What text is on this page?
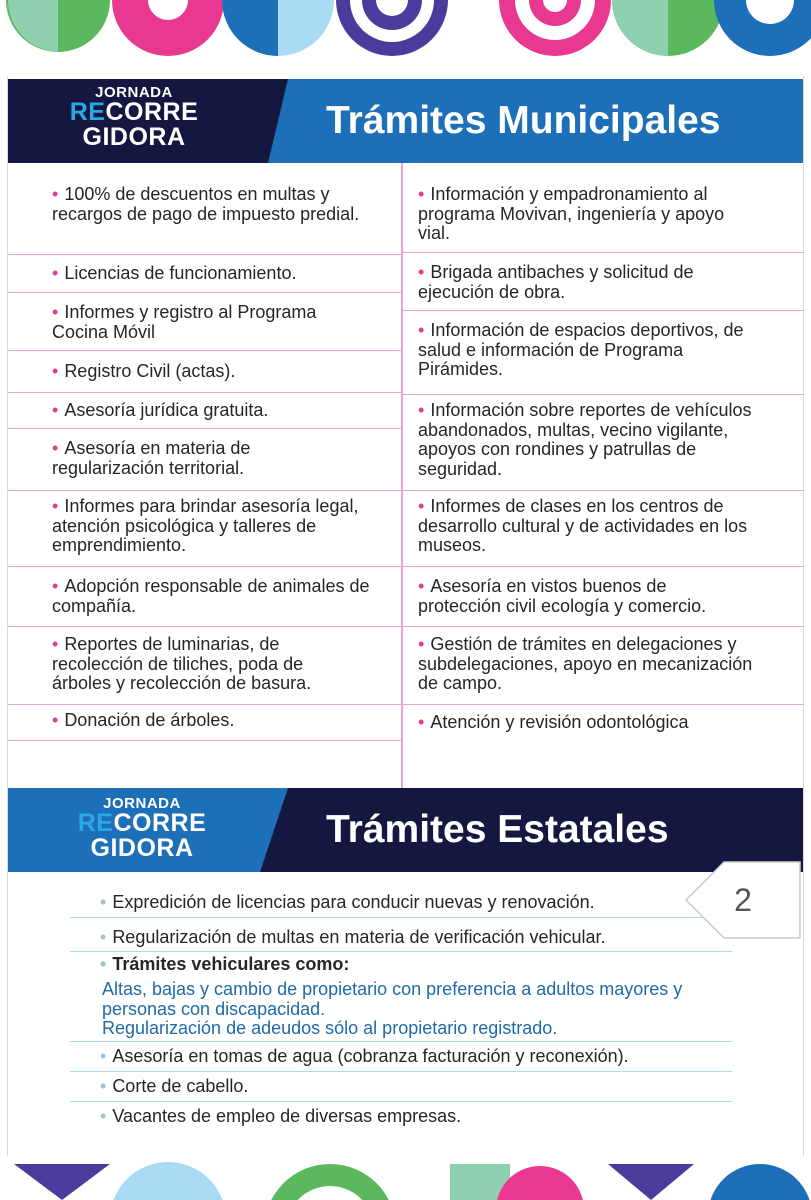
JORNADA
RECORRE
GIDORA	Trámites Municipales
• 100% de descuentos en multas y recargos de pago de impuesto predial.
• Licencias de funcionamiento.
• Informes y registro al Programa Cocina Móvil
• Registro Civil (actas).
• Asesoría jurídica gratuita.
• Asesoría en materia de regularización territorial.
• Informes para brindar asesoría legal, atención psicológica y talleres de emprendimiento.
• Adopción responsable de animales de compañía.
• Reportes de luminarias, de recolección de tiliches, poda de árboles y recolección de basura.
• Donación de árboles.
• Información y empadronamiento al programa Movivan, ingeniería y apoyo vial.
• Brigada antibaches y solicitud de ejecución de obra.
• Información de espacios deportivos, de salud e información de Programa Pirámides.
• Información sobre reportes de vehículos abandonados, multas, vecino vigilante, apoyos con rondines y patrullas de seguridad.
• Informes de clases en los centros de desarrollo cultural y de actividades en los museos.
• Asesoría en vistos buenos de protección civil ecología y comercio.
• Gestión de trámites en delegaciones y subdelegaciones, apoyo en mecanización de campo.
• Atención y revisión odontológica
JORNADA
RECORRE
GIDORA	Trámites Estatales
• Expredición de licencias para conducir nuevas y renovación.
• Regularización de multas en materia de verificación vehicular.
• Trámites vehiculares como:
Altas, bajas y cambio de propietario con preferencia a adultos mayores y personas con discapacidad.
Regularización de adeudos sólo al propietario registrado.
• Asesoría en tomas de agua (cobranza facturación y reconexión).
• Corte de cabello.
• Vacantes de empleo de diversas empresas.
2
